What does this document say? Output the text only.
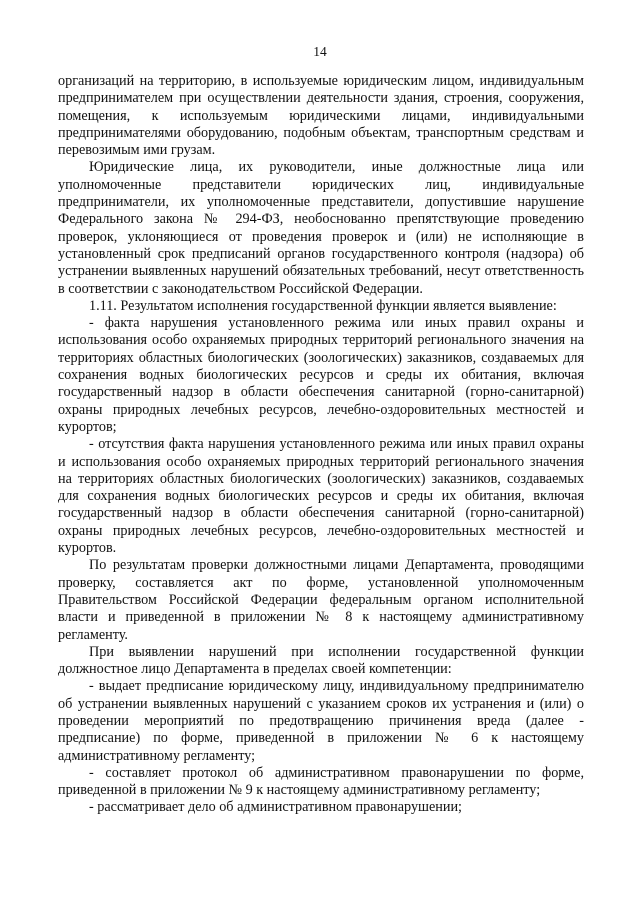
14

организаций на территорию, в используемые юридическим лицом, индивидуальным предпринимателем при осуществлении деятельности здания, строения, сооружения, помещения, к используемым юридическими лицами, индивидуальными предпринимателями оборудованию, подобным объектам, транспортным средствам и перевозимым ими грузам.

Юридические лица, их руководители, иные должностные лица или уполномоченные представители юридических лиц, индивидуальные предприниматели, их уполномоченные представители, допустившие нарушение Федерального закона № 294-ФЗ, необоснованно препятствующие проведению проверок, уклоняющиеся от проведения проверок и (или) не исполняющие в установленный срок предписаний органов государственного контроля (надзора) об устранении выявленных нарушений обязательных требований, несут ответственность в соответствии с законодательством Российской Федерации.

1.11. Результатом исполнения государственной функции является выявление:

- факта нарушения установленного режима или иных правил охраны и использования особо охраняемых природных территорий регионального значения на территориях областных биологических (зоологических) заказников, создаваемых для сохранения водных биологических ресурсов и среды их обитания, включая государственный надзор в области обеспечения санитарной (горно-санитарной) охраны природных лечебных ресурсов, лечебно-оздоровительных местностей и курортов;

- отсутствия факта нарушения установленного режима или иных правил охраны и использования особо охраняемых природных территорий регионального значения на территориях областных биологических (зоологических) заказников, создаваемых для сохранения водных биологических ресурсов и среды их обитания, включая государственный надзор в области обеспечения санитарной (горно-санитарной) охраны природных лечебных ресурсов, лечебно-оздоровительных местностей и курортов.

По результатам проверки должностными лицами Департамента, проводящими проверку, составляется акт по форме, установленной уполномоченным Правительством Российской Федерации федеральным органом исполнительной власти и приведенной в приложении № 8 к настоящему административному регламенту.

При выявлении нарушений при исполнении государственной функции должностное лицо Департамента в пределах своей компетенции:

- выдает предписание юридическому лицу, индивидуальному предпринимателю об устранении выявленных нарушений с указанием сроков их устранения и (или) о проведении мероприятий по предотвращению причинения вреда (далее - предписание) по форме, приведенной в приложении № 6 к настоящему административному регламенту;

- составляет протокол об административном правонарушении по форме, приведенной в приложении № 9 к настоящему административному регламенту;

- рассматривает дело об административном правонарушении;
